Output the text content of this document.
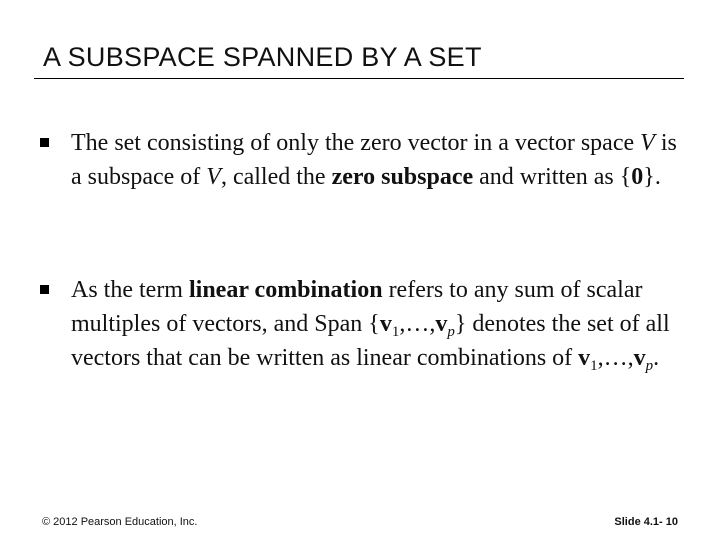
A SUBSPACE SPANNED BY A SET
The set consisting of only the zero vector in a vector space V is a subspace of V, called the zero subspace and written as {0}.
As the term linear combination refers to any sum of scalar multiples of vectors, and Span $\{v_1,\dots,v_p\}$ denotes the set of all vectors that can be written as linear combinations of $v_1,\dots,v_p$.
© 2012 Pearson Education, Inc.	Slide 4.1- 10
